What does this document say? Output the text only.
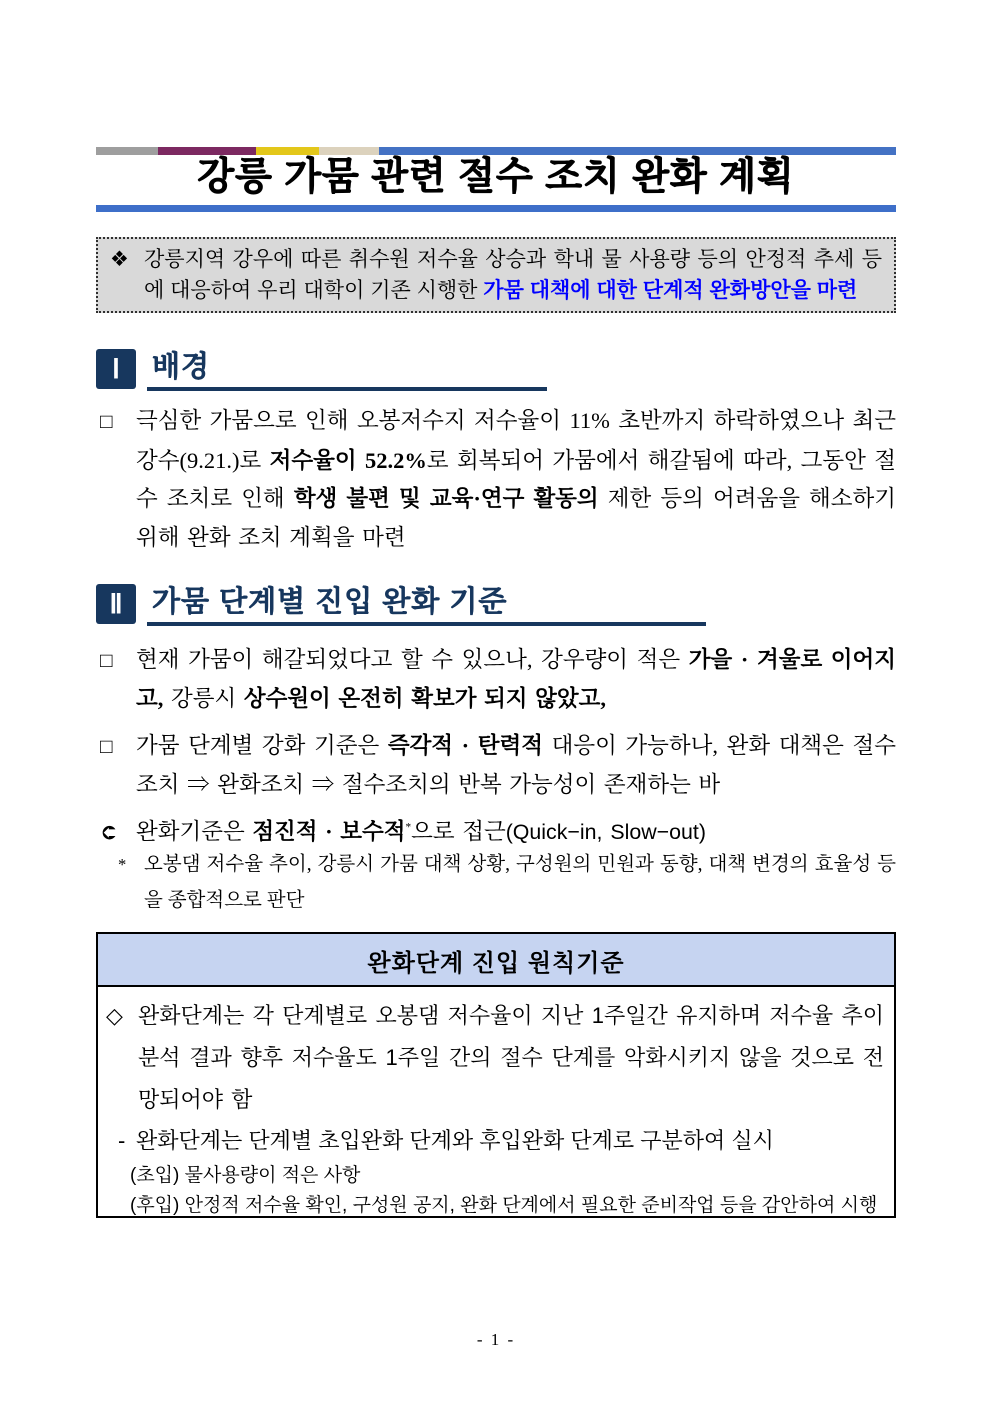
강릉 가뭄 관련 절수 조치 완화 계획
❖ 강릉지역 강우에 따른 취수원 저수율 상승과 학내 물 사용량 등의 안정적 추세 등에 대응하여 우리 대학이 기존 시행한 가뭄 대책에 대한 단계적 완화방안을 마련
Ⅰ	배경
□ 극심한 가뭄으로 인해 오봉저수지 저수율이 11% 초반까지 하락하였으나 최근 강수(9.21.)로 저수율이 52.2%로 회복되어 가뭄에서 해갈됨에 따라, 그동안 절수 조치로 인해 학생 불편 및 교육·연구 활동의 제한 등의 어려움을 해소하기 위해 완화 조치 계획을 마련
Ⅱ	가뭄 단계별 진입 완화 기준
□ 현재 가뭄이 해갈되었다고 할 수 있으나, 강우량이 적은 가을 · 겨울로 이어지고, 강릉시 상수원이 온전히 확보가 되지 않았고,
□ 가뭄 단계별 강화 기준은 즉각적 · 탄력적 대응이 가능하나, 완화 대책은 절수조치 ⇒ 완화조치 ⇒ 절수조치의 반복 가능성이 존재하는 바
➲ 완화기준은 점진적 · 보수적*으로 접근(Quick−in, Slow−out)
* 오봉댐 저수율 추이, 강릉시 가뭄 대책 상황, 구성원의 민원과 동향, 대책 변경의 효율성 등을 종합적으로 판단
완화단계 진입 원칙기준
◇ 완화단계는 각 단계별로 오봉댐 저수율이 지난 1주일간 유지하며 저수율 추이 분석 결과 향후 저수율도 1주일 간의 절수 단계를 악화시키지 않을 것으로 전망되어야 함
- 완화단계는 단계별 초입완화 단계와 후입완화 단계로 구분하여 실시
(초입) 물사용량이 적은 사항
(후입) 안정적 저수율 확인, 구성원 공지, 완화 단계에서 필요한 준비작업 등을 감안하여 시행
- 1 -
